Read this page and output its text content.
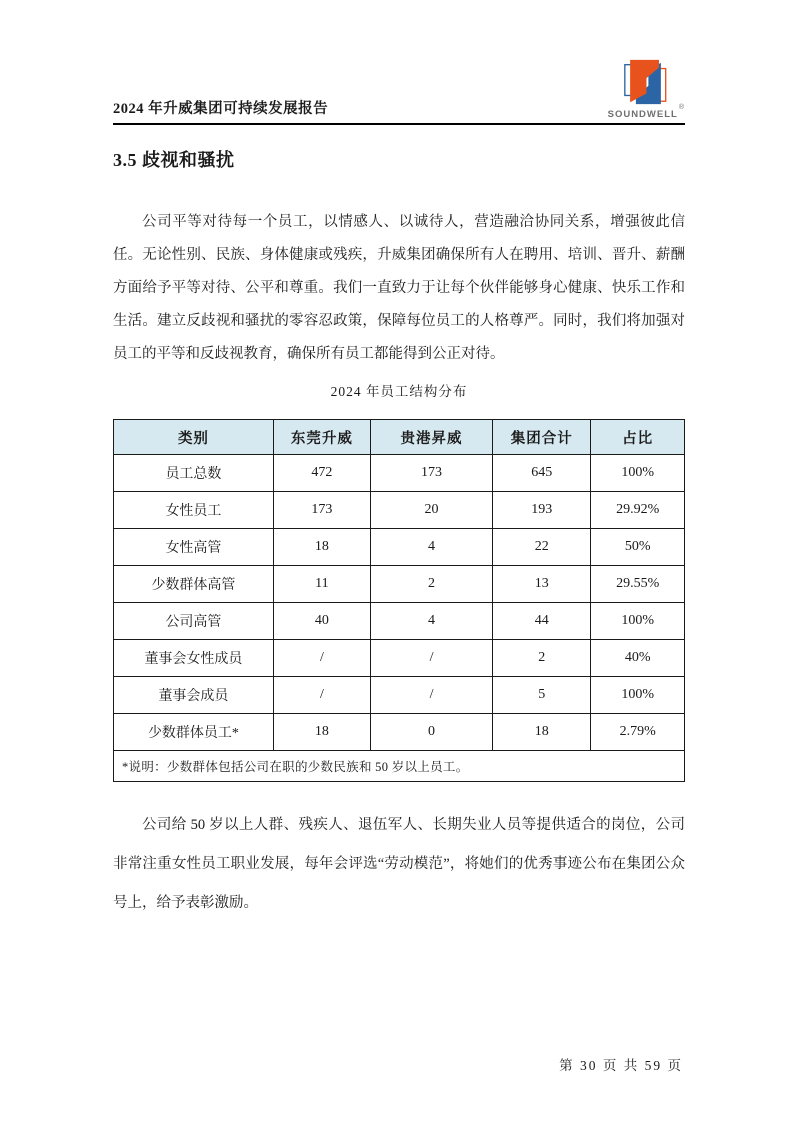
2024 年升威集团可持续发展报告	SOUNDWELL
®
3.5 歧视和骚扰

公司平等对待每一个员工，以情感人、以诚待人，营造融洽协同关系，增强彼此信任。无论性别、民族、身体健康或残疾，升威集团确保所有人在聘用、培训、晋升、薪酬方面给予平等对待、公平和尊重。我们一直致力于让每个伙伴能够身心健康、快乐工作和生活。建立反歧视和骚扰的零容忍政策，保障每位员工的人格尊严。同时，我们将加强对员工的平等和反歧视教育，确保所有员工都能得到公正对待。

2024 年员工结构分布
类别	东莞升威	贵港昇威	集团合计	占比
员工总数	472	173	645	100%
女性员工	173	20	193	29.92%
女性高管	18	4	22	50%
少数群体高管	11	2	13	29.55%
公司高管	40	4	44	100%
董事会女性成员	/	/	2	40%
董事会成员	/	/	5	100%
少数群体员工*	18	0	18	2.79%
*说明：少数群体包括公司在职的少数民族和 50 岁以上员工。				

公司给 50 岁以上人群、残疾人、退伍军人、长期失业人员等提供适合的岗位，公司非常注重女性员工职业发展，每年会评选“劳动模范”，将她们的优秀事迹公布在集团公众号上，给予表彰激励。

第 30 页 共 59 页
